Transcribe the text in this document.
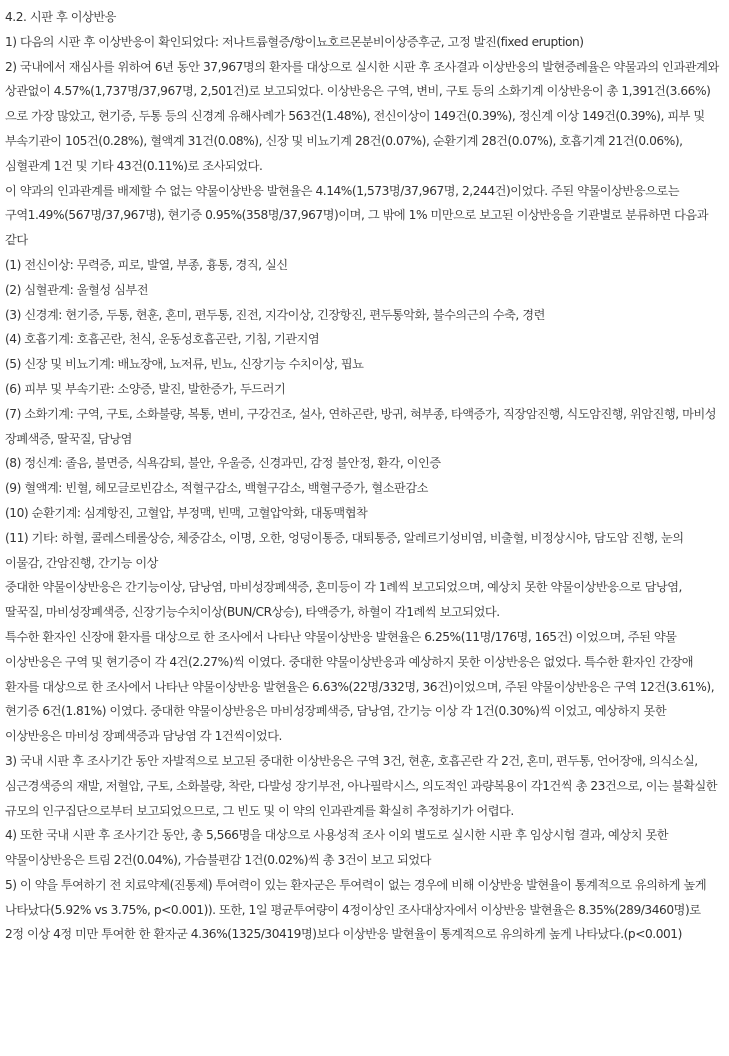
4.2. 시판 후 이상반응

1) 다음의 시판 후 이상반응이 확인되었다: 저나트륨혈증/항이뇨호르몬분비이상증후군, 고정 발진(fixed eruption)

2) 국내에서 재심사를 위하여 6년 동안 37,967명의 환자를 대상으로 실시한 시판 후 조사결과 이상반응의 발현증례율은 약물과의 인과관계와 상관없이 4.57%(1,737명/37,967명, 2,501건)로 보고되었다. 이상반응은 구역, 변비, 구토 등의 소화기계 이상반응이 총 1,391건(3.66%)으로 가장 많았고, 현기증, 두통 등의 신경계 유해사례가 563건(1.48%), 전신이상이 149건(0.39%), 정신계 이상 149건(0.39%), 피부 및 부속기관이 105건(0.28%), 혈액계 31건(0.08%), 신장 및 비뇨기계 28건(0.07%), 순환기계 28건(0.07%), 호흡기계 21건(0.06%), 심혈관계 1건 및 기타 43건(0.11%)로 조사되었다.

이 약과의 인과관계를 배제할 수 없는 약물이상반응 발현율은 4.14%(1,573명/37,967명, 2,244건)이었다. 주된 약물이상반응으로는 구역1.49%(567명/37,967명), 현기증 0.95%(358명/37,967명)이며, 그 밖에 1% 미만으로 보고된 이상반응을 기관별로 분류하면 다음과 같다

(1) 전신이상: 무력증, 피로, 발열, 부종, 흉통, 경직, 실신

(2) 심혈관계: 울혈성 심부전

(3) 신경계: 현기증, 두통, 현훈, 혼미, 편두통, 진전, 지각이상, 긴장항진, 편두통악화, 불수의근의 수축, 경련

(4) 호흡기계: 호흡곤란, 천식, 운동성호흡곤란, 기침, 기관지염

(5) 신장 및 비뇨기계: 배뇨장애, 뇨저류, 빈뇨, 신장기능 수치이상, 핍뇨

(6) 피부 및 부속기관: 소양증, 발진, 발한증가, 두드러기

(7) 소화기계: 구역, 구토, 소화불량, 복통, 변비, 구강건조, 설사, 연하곤란, 방귀, 혀부종, 타액증가, 직장암진행, 식도암진행, 위암진행, 마비성 장폐색증, 딸꾹질, 담낭염

(8) 정신계: 졸음, 불면증, 식욕감퇴, 불안, 우울증, 신경과민, 감정 불안정, 환각, 이인증

(9) 혈액계: 빈혈, 헤모글로빈감소, 적혈구감소, 백혈구감소, 백혈구증가, 혈소판감소

(10) 순환기계: 심계항진, 고혈압, 부정맥, 빈맥, 고혈압악화, 대동맥협착

(11) 기타: 하혈, 콜레스테롤상승, 체중감소, 이명, 오한, 엉덩이통증, 대퇴통증, 알레르기성비염, 비출혈, 비정상시야, 담도암 진행, 눈의 이물감, 간암진행, 간기능 이상

중대한 약물이상반응은 간기능이상, 담낭염, 마비성장폐색증, 혼미등이 각 1례씩 보고되었으며, 예상치 못한 약물이상반응으로 담낭염, 딸꾹질, 마비성장폐색증, 신장기능수치이상(BUN/CR상승), 타액증가, 하혈이 각1례씩 보고되었다.

특수한 환자인 신장애 환자를 대상으로 한 조사에서 나타난 약물이상반응 발현율은 6.25%(11명/176명, 165건) 이었으며, 주된 약물 이상반응은 구역 및 현기증이 각 4건(2.27%)씩 이였다. 중대한 약물이상반응과 예상하지 못한 이상반응은 없었다. 특수한 환자인 간장애 환자를 대상으로 한 조사에서 나타난 약물이상반응 발현율은 6.63%(22명/332명, 36건)이었으며, 주된 약물이상반응은 구역 12건(3.61%), 현기증 6건(1.81%) 이였다. 중대한 약물이상반응은 마비성장폐색증, 담낭염, 간기능 이상 각 1건(0.30%)씩 이었고, 예상하지 못한 이상반응은 마비성 장폐색증과 담낭염 각 1건씩이었다.

3) 국내 시판 후 조사기간 동안 자발적으로 보고된 중대한 이상반응은 구역 3건, 현훈, 호흡곤란 각 2건, 혼미, 편두통, 언어장애, 의식소실, 심근경색증의 재발, 저혈압, 구토, 소화불량, 착란, 다발성 장기부전, 아나필락시스, 의도적인 과량복용이 각1건씩 총 23건으로, 이는 불확실한 규모의 인구집단으로부터 보고되었으므로, 그 빈도 및 이 약의 인과관계를 확실히 추정하기가 어렵다.

4) 또한 국내 시판 후 조사기간 동안, 총 5,566명을 대상으로 사용성적 조사 이외 별도로 실시한 시판 후 임상시험 결과, 예상치 못한 약물이상반응은 트림 2건(0.04%), 가슴불편감 1건(0.02%)씩 총 3건이 보고 되었다

5) 이 약을 투여하기 전 치료약제(진통제) 투여력이 있는 환자군은 투여력이 없는 경우에 비해 이상반응 발현율이 통계적으로 유의하게 높게 나타났다(5.92% vs 3.75%, p<0.001)). 또한, 1일 평균투여량이 4정이상인 조사대상자에서 이상반응 발현율은 8.35%(289/3460명)로 2정 이상 4정 미만 투여한 한 환자군 4.36%(1325/30419명)보다 이상반응 발현율이 통계적으로 유의하게 높게 나타났다.(p<0.001)
